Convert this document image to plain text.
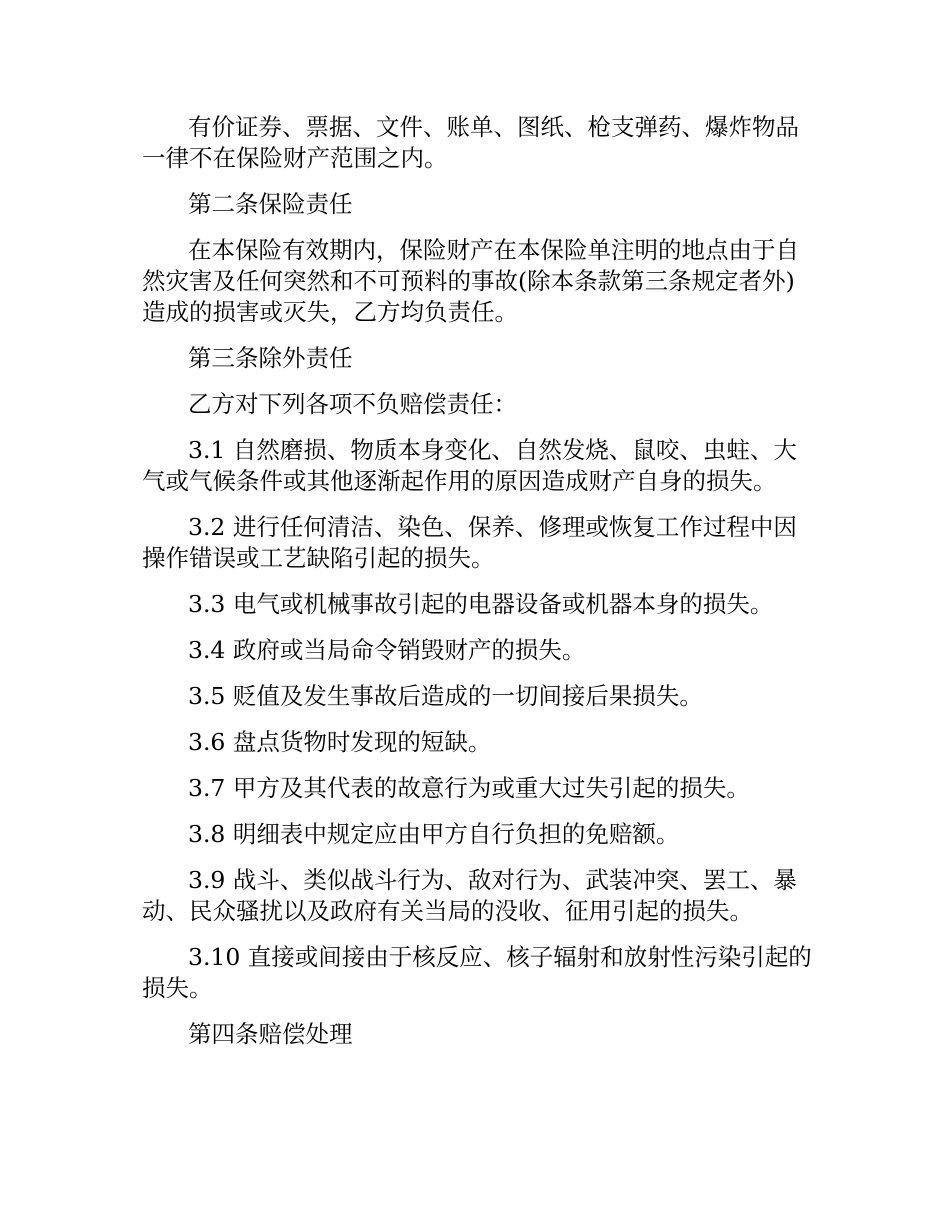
有价证券、票据、文件、账单、图纸、枪支弹药、爆炸物品一律不在保险财产范围之内。

第二条保险责任

在本保险有效期内，保险财产在本保险单注明的地点由于自然灾害及任何突然和不可预料的事故(除本条款第三条规定者外)造成的损害或灭失，乙方均负责任。

第三条除外责任

乙方对下列各项不负赔偿责任：

3.1 自然磨损、物质本身变化、自然发烧、鼠咬、虫蛀、大气或气候条件或其他逐渐起作用的原因造成财产自身的损失。

3.2 进行任何清洁、染色、保养、修理或恢复工作过程中因操作错误或工艺缺陷引起的损失。

3.3 电气或机械事故引起的电器设备或机器本身的损失。

3.4 政府或当局命令销毁财产的损失。

3.5 贬值及发生事故后造成的一切间接后果损失。

3.6 盘点货物时发现的短缺。

3.7 甲方及其代表的故意行为或重大过失引起的损失。

3.8 明细表中规定应由甲方自行负担的免赔额。

3.9 战斗、类似战斗行为、敌对行为、武装冲突、罢工、暴动、民众骚扰以及政府有关当局的没收、征用引起的损失。

3.10 直接或间接由于核反应、核子辐射和放射性污染引起的损失。

第四条赔偿处理
